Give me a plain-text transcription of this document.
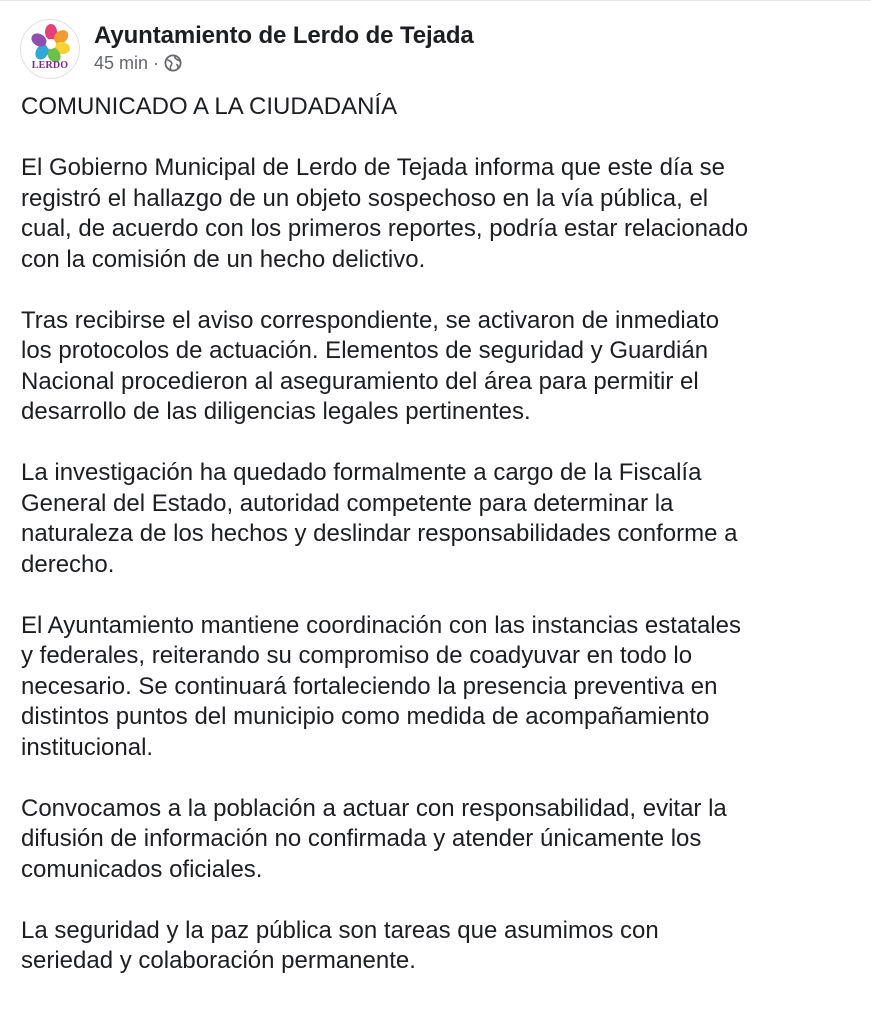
LERDO
Ayuntamiento de Lerdo de Tejada
45 min ·

COMUNICADO A LA CIUDADANÍA

El Gobierno Municipal de Lerdo de Tejada informa que este día se
registró el hallazgo de un objeto sospechoso en la vía pública, el
cual, de acuerdo con los primeros reportes, podría estar relacionado
con la comisión de un hecho delictivo.

Tras recibirse el aviso correspondiente, se activaron de inmediato
los protocolos de actuación. Elementos de seguridad y Guardián
Nacional procedieron al aseguramiento del área para permitir el
desarrollo de las diligencias legales pertinentes.

La investigación ha quedado formalmente a cargo de la Fiscalía
General del Estado, autoridad competente para determinar la
naturaleza de los hechos y deslindar responsabilidades conforme a
derecho.

El Ayuntamiento mantiene coordinación con las instancias estatales
y federales, reiterando su compromiso de coadyuvar en todo lo
necesario. Se continuará fortaleciendo la presencia preventiva en
distintos puntos del municipio como medida de acompañamiento
institucional.

Convocamos a la población a actuar con responsabilidad, evitar la
difusión de información no confirmada y atender únicamente los
comunicados oficiales.

La seguridad y la paz pública son tareas que asumimos con
seriedad y colaboración permanente.
